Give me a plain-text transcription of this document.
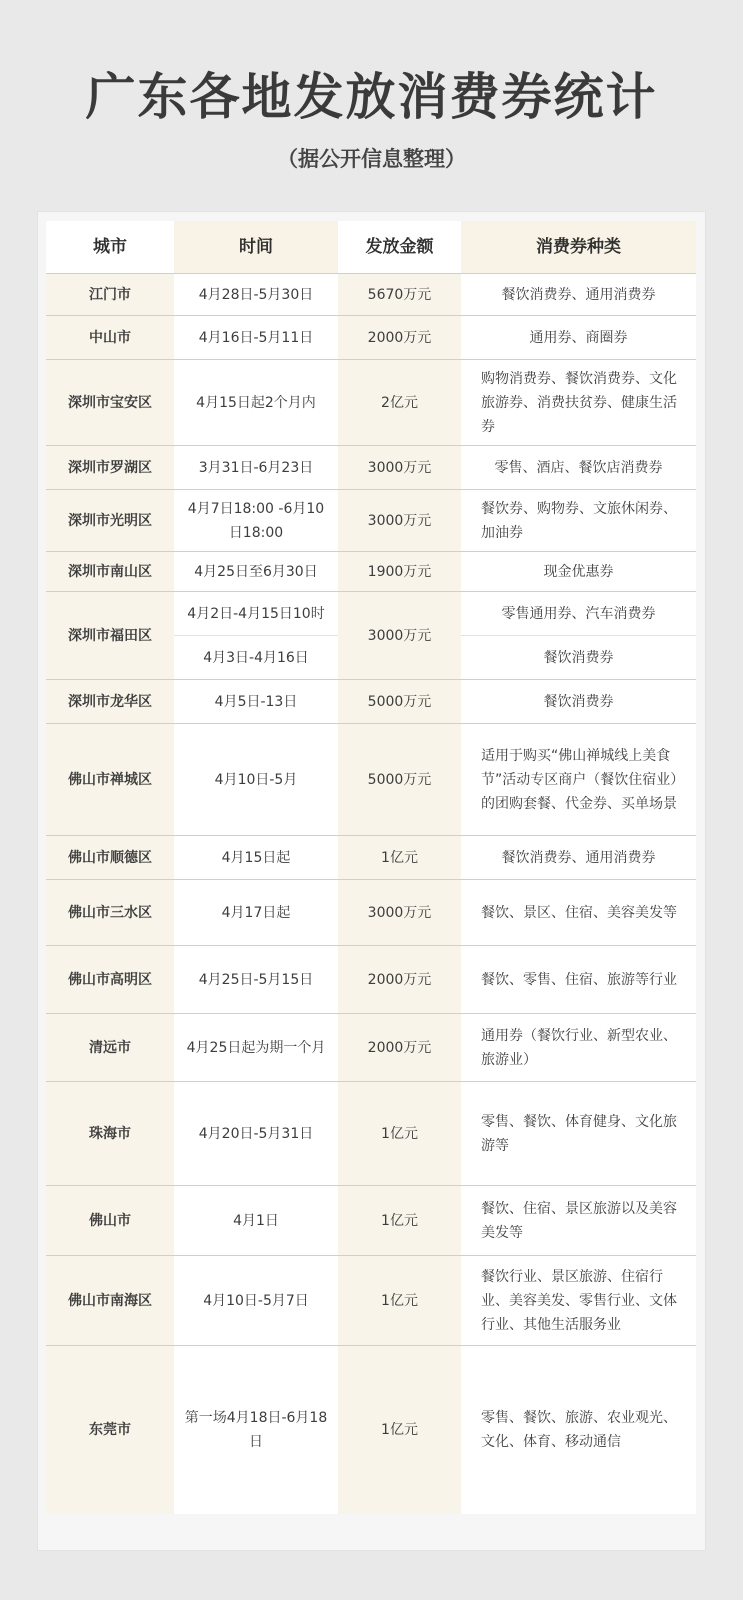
广东各地发放消费券统计
（据公开信息整理）
城市	时间	发放金额	消费券种类
江门市	4月28日-5月30日	5670万元	餐饮消费券、通用消费券
中山市	4月16日-5月11日	2000万元	通用券、商圈券
深圳市宝安区	4月15日起2个月内	2亿元	购物消费券、餐饮消费券、文化旅游券、消费扶贫券、健康生活券
深圳市罗湖区	3月31日-6月23日	3000万元	零售、酒店、餐饮店消费券
深圳市光明区	4月7日18:00 -6月10日18:00	3000万元	餐饮券、购物券、文旅休闲券、加油券
深圳市南山区	4月25日至6月30日	1900万元	现金优惠券
深圳市福田区	4月2日-4月15日10时	3000万元	零售通用券、汽车消费券
	4月3日-4月16日		餐饮消费券
深圳市龙华区	4月5日-13日	5000万元	餐饮消费券
佛山市禅城区	4月10日-5月	5000万元	适用于购买“佛山禅城线上美食节”活动专区商户（餐饮住宿业）的团购套餐、代金券、买单场景
佛山市顺德区	4月15日起	1亿元	餐饮消费券、通用消费券
佛山市三水区	4月17日起	3000万元	餐饮、景区、住宿、美容美发等
佛山市高明区	4月25日-5月15日	2000万元	餐饮、零售、住宿、旅游等行业
清远市	4月25日起为期一个月	2000万元	通用券（餐饮行业、新型农业、旅游业）
珠海市	4月20日-5月31日	1亿元	零售、餐饮、体育健身、文化旅游等
佛山市	4月1日	1亿元	餐饮、住宿、景区旅游以及美容美发等
佛山市南海区	4月10日-5月7日	1亿元	餐饮行业、景区旅游、住宿行业、美容美发、零售行业、文体行业、其他生活服务业
东莞市	第一场4月18日-6月18日	1亿元	零售、餐饮、旅游、农业观光、文化、体育、移动通信
